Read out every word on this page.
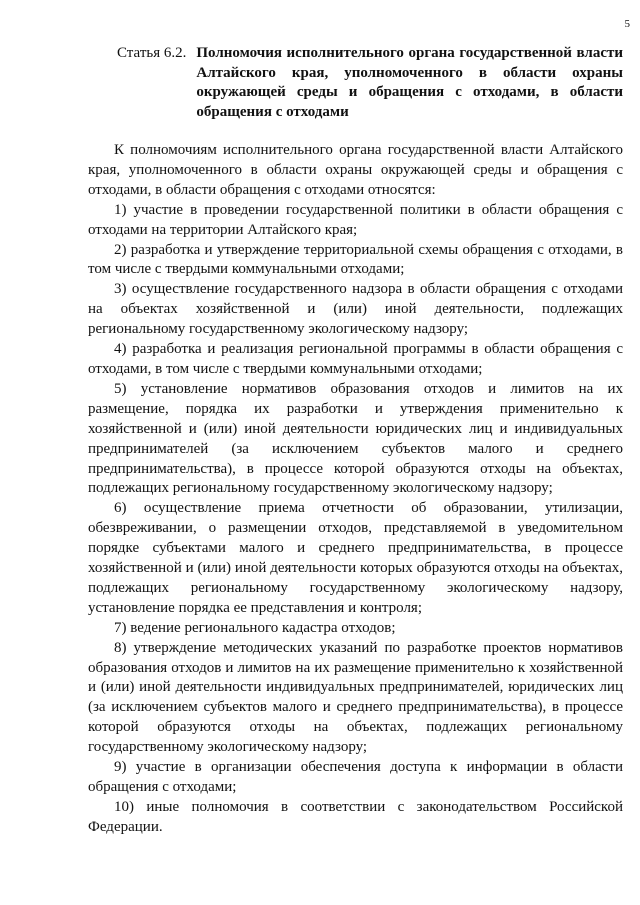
5
Статья 6.2. Полномочия исполнительного органа государственной власти Алтайского края, уполномоченного в области охраны окружающей среды и обращения с отходами, в области обращения с отходами

К полномочиям исполнительного органа государственной власти Алтайского края, уполномоченного в области охраны окружающей среды и обращения с отходами, в области обращения с отходами относятся:

1) участие в проведении государственной политики в области обращения с отходами на территории Алтайского края;

2) разработка и утверждение территориальной схемы обращения с отходами, в том числе с твердыми коммунальными отходами;

3) осуществление государственного надзора в области обращения с отходами на объектах хозяйственной и (или) иной деятельности, подлежащих региональному государственному экологическому надзору;

4) разработка и реализация региональной программы в области обращения с отходами, в том числе с твердыми коммунальными отходами;

5) установление нормативов образования отходов и лимитов на их размещение, порядка их разработки и утверждения применительно к хозяйственной и (или) иной деятельности юридических лиц и индивидуальных предпринимателей (за исключением субъектов малого и среднего предпринимательства), в процессе которой образуются отходы на объектах, подлежащих региональному государственному экологическому надзору;

6) осуществление приема отчетности об образовании, утилизации, обезвреживании, о размещении отходов, представляемой в уведомительном порядке субъектами малого и среднего предпринимательства, в процессе хозяйственной и (или) иной деятельности которых образуются отходы на объектах, подлежащих региональному государственному экологическому надзору, установление порядка ее представления и контроля;

7) ведение регионального кадастра отходов;

8) утверждение методических указаний по разработке проектов нормативов образования отходов и лимитов на их размещение применительно к хозяйственной и (или) иной деятельности индивидуальных предпринимателей, юридических лиц (за исключением субъектов малого и среднего предпринимательства), в процессе которой образуются отходы на объектах, подлежащих региональному государственному экологическому надзору;

9) участие в организации обеспечения доступа к информации в области обращения с отходами;

10) иные полномочия в соответствии с законодательством Российской Федерации.
